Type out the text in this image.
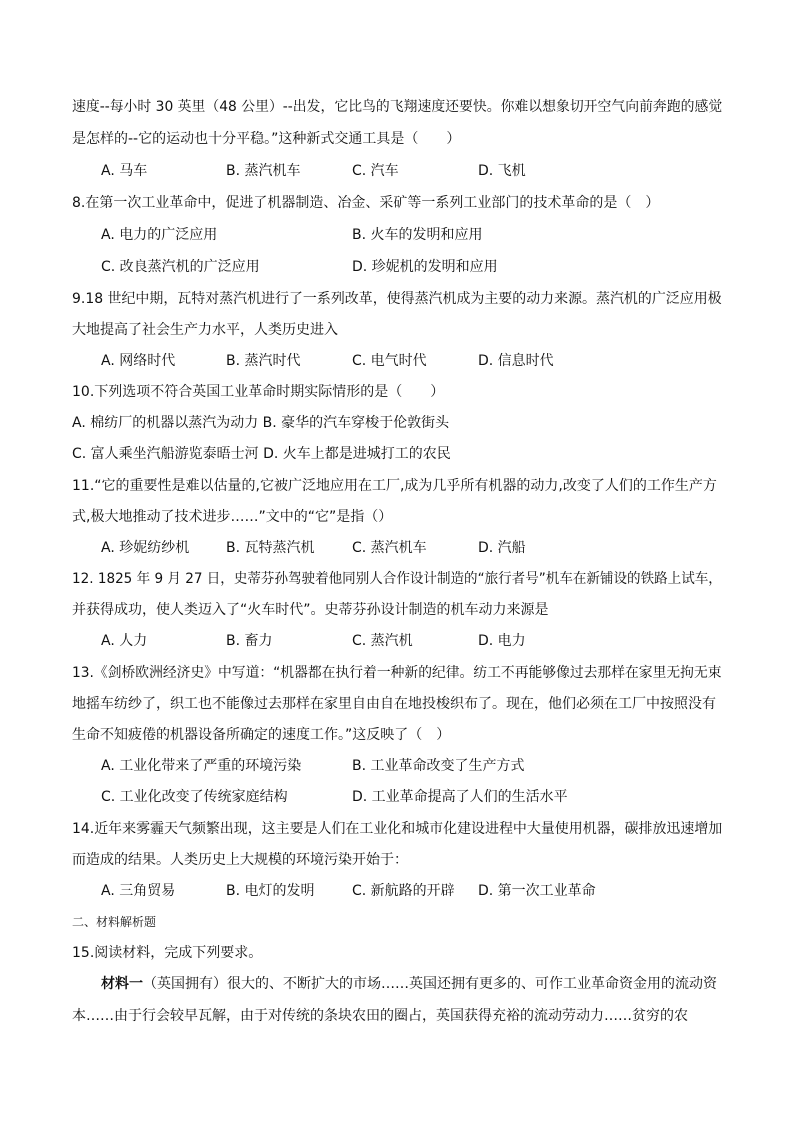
速度--每小时 30 英里（48 公里）--出发，它比鸟的飞翔速度还要快。你难以想象切开空气向前奔跑的感觉
是怎样的--它的运动也十分平稳。”这种新式交通工具是（　　）
A. 马车	B. 蒸汽机车	C. 汽车	D. 飞机
8.在第一次工业革命中，促进了机器制造、冶金、采矿等一系列工业部门的技术革命的是（　）
A. 电力的广泛应用	B. 火车的发明和应用
C. 改良蒸汽机的广泛应用	D. 珍妮机的发明和应用
9.18 世纪中期，瓦特对蒸汽机进行了一系列改革，使得蒸汽机成为主要的动力来源。蒸汽机的广泛应用极
大地提高了社会生产力水平，人类历史进入
A. 网络时代	B. 蒸汽时代	C. 电气时代	D. 信息时代
10.下列选项不符合英国工业革命时期实际情形的是（　　）
A. 棉纺厂的机器以蒸汽为动力 B. 豪华的汽车穿梭于伦敦街头
C. 富人乘坐汽船游览泰晤士河 D. 火车上都是进城打工的农民
11.“它的重要性是难以估量的,它被广泛地应用在工厂,成为几乎所有机器的动力,改变了人们的工作生产方
式,极大地推动了技术进步……”文中的“它”是指（）
A. 珍妮纺纱机	B. 瓦特蒸汽机	C. 蒸汽机车	D. 汽船
12. 1825 年 9 月 27 日，史蒂芬孙驾驶着他同别人合作设计制造的“旅行者号”机车在新铺设的铁路上试车，
并获得成功，使人类迈入了“火车时代”。史蒂芬孙设计制造的机车动力来源是
A. 人力	B. 畜力	C. 蒸汽机	D. 电力
13.《剑桥欧洲经济史》中写道：“机器都在执行着一种新的纪律。纺工不再能够像过去那样在家里无拘无束
地摇车纺纱了，织工也不能像过去那样在家里自由自在地投梭织布了。现在，他们必须在工厂中按照没有
生命不知疲倦的机器设备所确定的速度工作。”这反映了（　）
A. 工业化带来了严重的环境污染	B. 工业革命改变了生产方式
C. 工业化改变了传统家庭结构	D. 工业革命提高了人们的生活水平
14.近年来雾霾天气频繁出现，这主要是人们在工业化和城市化建设进程中大量使用机器，碳排放迅速增加
而造成的结果。人类历史上大规模的环境污染开始于：
A. 三角贸易	B. 电灯的发明	C. 新航路的开辟 D. 第一次工业革命
二、材料解析题
15.阅读材料，完成下列要求。
材料一（英国拥有）很大的、不断扩大的市场……英国还拥有更多的、可作工业革命资金用的流动资
本……由于行会较早瓦解，由于对传统的条块农田的圈占，英国获得充裕的流动劳动力……贫穷的农
